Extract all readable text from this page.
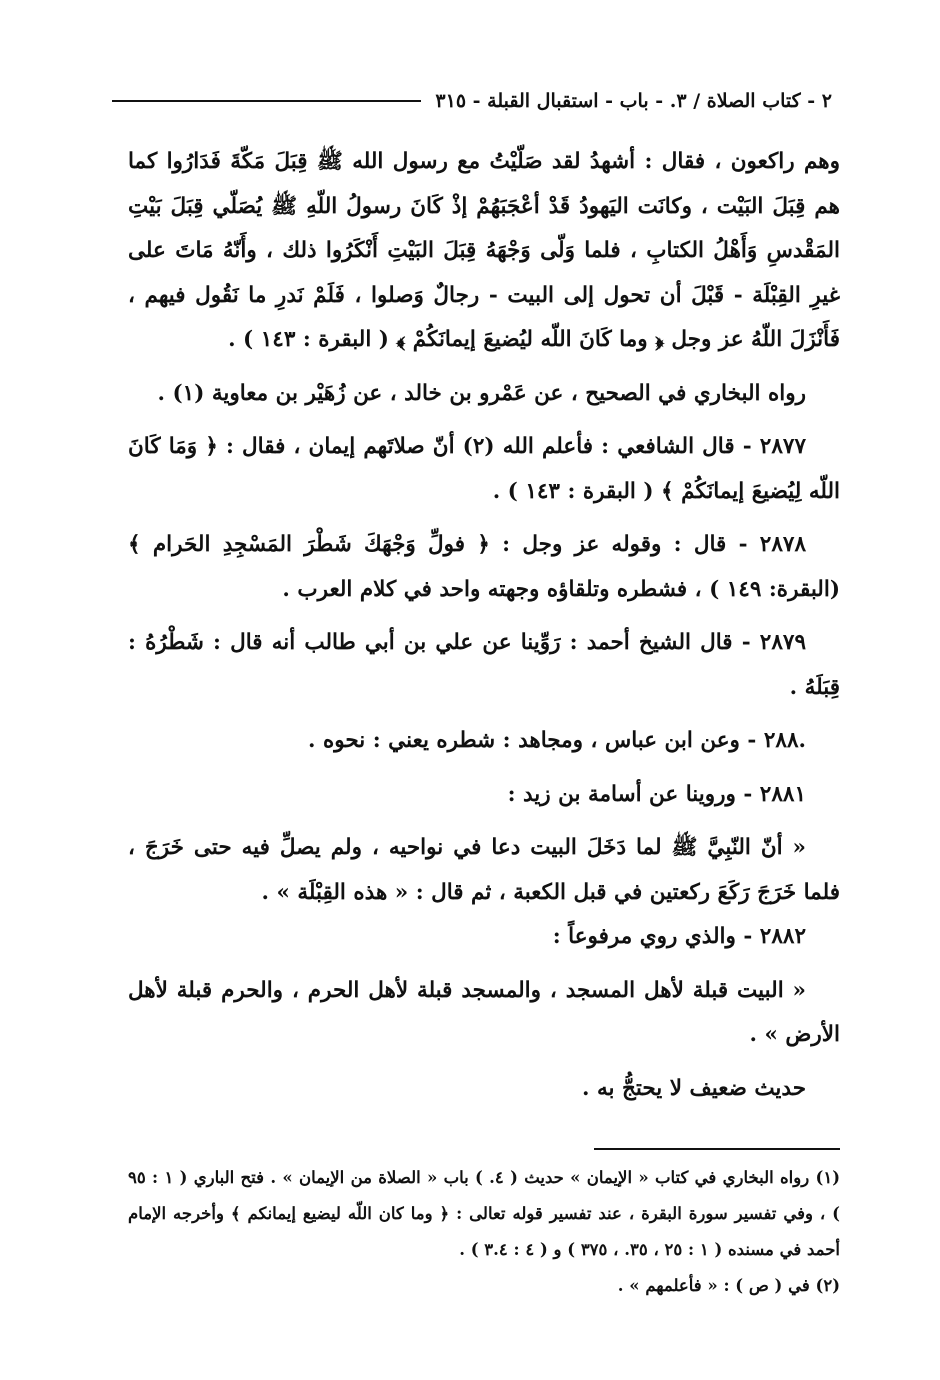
٢ - كتاب الصلاة / ٣. - باب - استقبال القبلة - ٣١٥

وهم راكعون ، فقال : أشهدُ لقد صَلّيْتُ مع رسول الله ﷺ قِبَلَ مَكّةَ فَدَارُوا كما هم قِبَلَ البَيْت ، وكانَت اليَهودُ قَدْ أعْجَبَهُمْ إذْ كَانَ رسولُ اللّهِ ﷺ يُصَلّي قِبَلَ بَيْتِ المَقْدسِ وَأَهْلُ الكتابِ ، فلما وَلّى وَجْهَهُ قِبَلَ البَيْتِ أَنْكَرُوا ذلك ، وأَنّهُ مَاتَ على غيرِ القِبْلَة - قَبْلَ أن تحول إلى البيت - رجالٌ وَصلوا ، فَلَمْ نَدرِ ما نَقُول فيهم ، فَأَنْزَلَ اللّهُ عز وجل ﴿ وما كَانَ اللّه ليُضيعَ إيمانَكُمْ ﴾ ( البقرة : ١٤٣ ) .

رواه البخاري في الصحيح ، عن عَمْرو بن خالد ، عن زُهَيْر بن معاوية (١) .

٢٨٧٧ - قال الشافعي : فأعلم الله (٢) أنّ صلاتَهم إيمان ، فقال : ﴿ وَمَا كَانَ اللّه لِيُضيعَ إيمانَكُمْ ﴾ ( البقرة : ١٤٣ ) .

٢٨٧٨ - قال : وقوله عز وجل : ﴿ فولِّ وَجْهَكَ شَطْرَ المَسْجِدِ الحَرام ﴾ (البقرة: ١٤٩ ) ، فشطره وتلقاؤه وجهته واحد في كلام العرب .

٢٨٧٩ - قال الشيخ أحمد : رَوِّينا عن علي بن أبي طالب أنه قال : شَطْرُهُ : قِبَلَهُ .

.٢٨٨ - وعن ابن عباس ، ومجاهد : شطره يعني : نحوه .

٢٨٨١ - وروينا عن أسامة بن زيد :

« أنّ النّبِيَّ ﷺ لما دَخَلَ البيت دعا في نواحيه ، ولم يصلِّ فيه حتى خَرَجَ ، فلما خَرَجَ رَكَعَ ركعتين في قبل الكعبة ، ثم قال : « هذه القِبْلَة » .

٢٨٨٢ - والذي روي مرفوعاً :

« البيت قبلة لأهل المسجد ، والمسجد قبلة لأهل الحرم ، والحرم قبلة لأهل الأرض » .

حديث ضعيف لا يحتجُّ به .

(١) رواه البخاري في كتاب « الإيمان » حديث ( ٤. ) باب « الصلاة من الإيمان » . فتح الباري ( ١ : ٩٥ ) ، وفي تفسير سورة البقرة ، عند تفسير قوله تعالى : ﴿ وما كان اللّه ليضيع إيمانكم ﴾ وأخرجه الإمام أحمد في مسنده ( ١ : ٢٥ ، ٣٥. ، ٣٧٥ ) و ( ٤ : ٣.٤ ) .

(٢) في ( ص ) : « فأعلمهم » .
